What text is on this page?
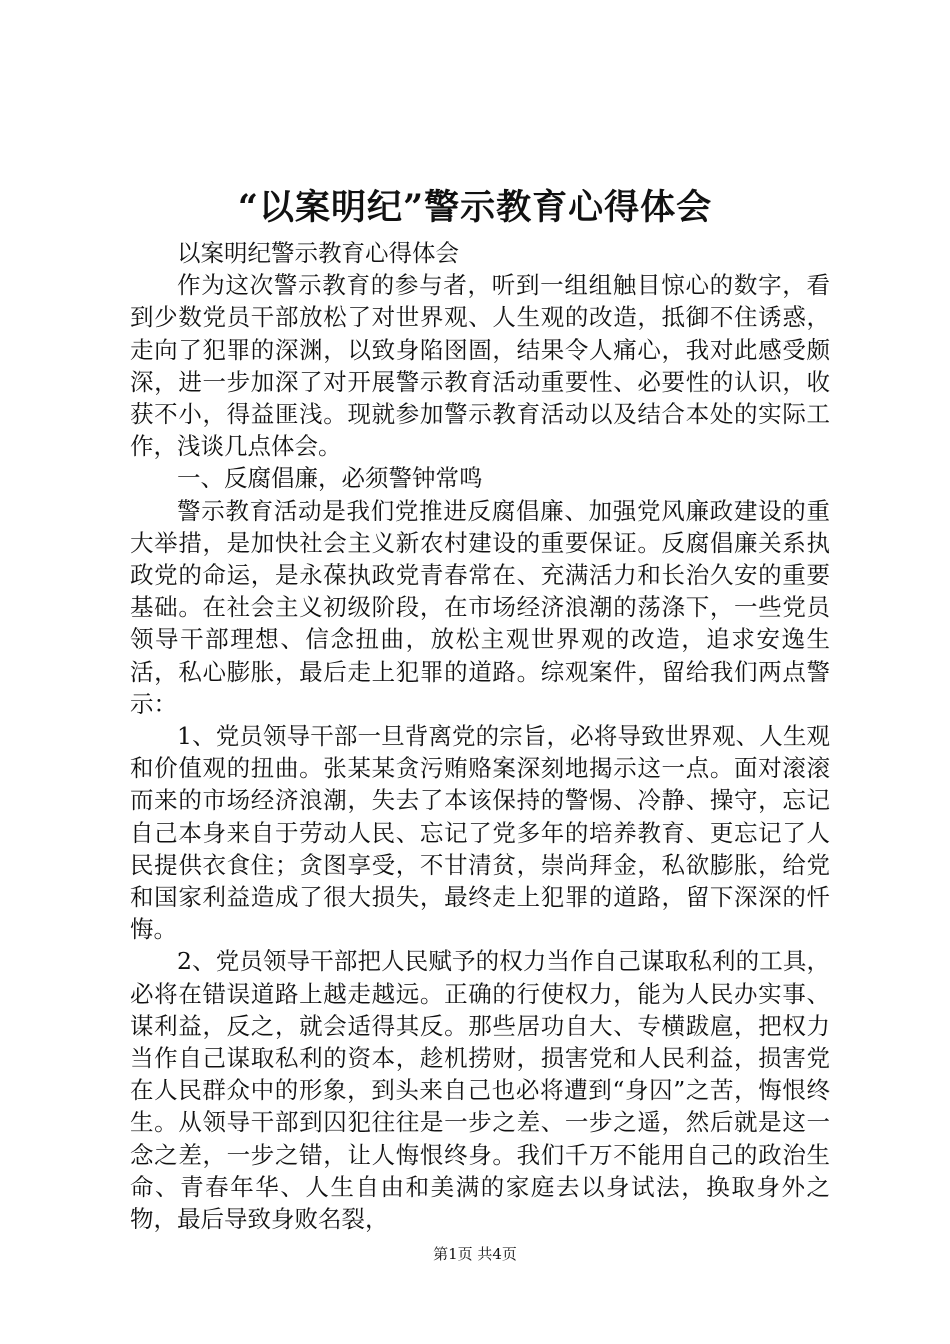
“以案明纪”警示教育心得体会

以案明纪警示教育心得体会

作为这次警示教育的参与者，听到一组组触目惊心的数字，看到少数党员干部放松了对世界观、人生观的改造，抵御不住诱惑，走向了犯罪的深渊，以致身陷囹圄，结果令人痛心，我对此感受颇深，进一步加深了对开展警示教育活动重要性、必要性的认识，收获不小，得益匪浅。现就参加警示教育活动以及结合本处的实际工作，浅谈几点体会。

一、反腐倡廉，必须警钟常鸣

警示教育活动是我们党推进反腐倡廉、加强党风廉政建设的重大举措，是加快社会主义新农村建设的重要保证。反腐倡廉关系执政党的命运，是永葆执政党青春常在、充满活力和长治久安的重要基础。在社会主义初级阶段，在市场经济浪潮的荡涤下，一些党员领导干部理想、信念扭曲，放松主观世界观的改造，追求安逸生活，私心膨胀，最后走上犯罪的道路。综观案件，留给我们两点警示：

1、党员领导干部一旦背离党的宗旨，必将导致世界观、人生观和价值观的扭曲。张某某贪污贿赂案深刻地揭示这一点。面对滚滚而来的市场经济浪潮，失去了本该保持的警惕、冷静、操守，忘记自己本身来自于劳动人民、忘记了党多年的培养教育、更忘记了人民提供衣食住；贪图享受，不甘清贫，崇尚拜金，私欲膨胀，给党和国家利益造成了很大损失，最终走上犯罪的道路，留下深深的忏悔。

2、党员领导干部把人民赋予的权力当作自己谋取私利的工具，必将在错误道路上越走越远。正确的行使权力，能为人民办实事、谋利益，反之，就会适得其反。那些居功自大、专横跋扈，把权力当作自己谋取私利的资本，趁机捞财，损害党和人民利益，损害党在人民群众中的形象，到头来自己也必将遭到“身囚”之苦，悔恨终生。从领导干部到囚犯往往是一步之差、一步之遥，然后就是这一念之差，一步之错，让人悔恨终身。我们千万不能用自己的政治生命、青春年华、人生自由和美满的家庭去以身试法，换取身外之物，最后导致身败名裂，

第1页 共4页
